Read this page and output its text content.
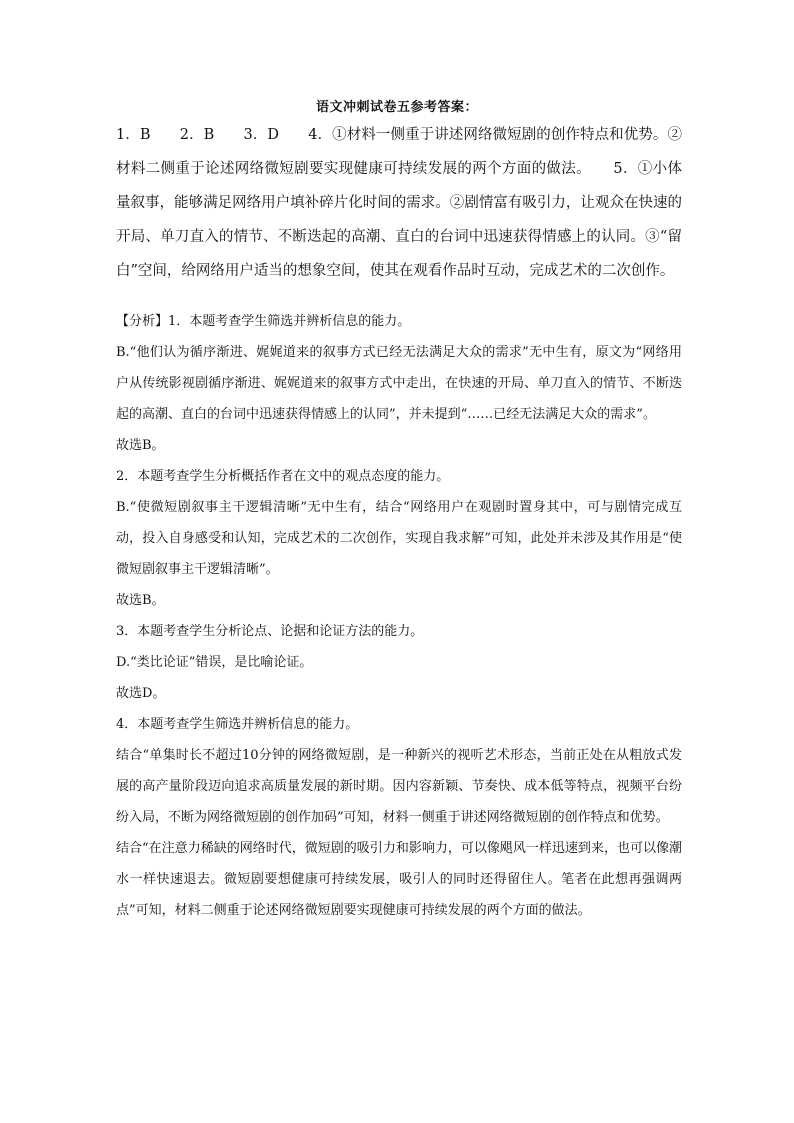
语文冲刺试卷五参考答案：

1．B　　2．B　　3．D　　4．①材料一侧重于讲述网络微短剧的创作特点和优势。②材料二侧重于论述网络微短剧要实现健康可持续发展的两个方面的做法。　　5．①小体量叙事，能够满足网络用户填补碎片化时间的需求。②剧情富有吸引力，让观众在快速的开局、单刀直入的情节、不断迭起的高潮、直白的台词中迅速获得情感上的认同。③“留白”空间，给网络用户适当的想象空间，使其在观看作品时互动，完成艺术的二次创作。

【分析】1．本题考查学生筛选并辨析信息的能力。

B.“他们认为循序渐进、娓娓道来的叙事方式已经无法满足大众的需求”无中生有，原文为“网络用户从传统影视剧循序渐进、娓娓道来的叙事方式中走出，在快速的开局、单刀直入的情节、不断迭起的高潮、直白的台词中迅速获得情感上的认同”，并未提到“……已经无法满足大众的需求”。

故选B。

2．本题考查学生分析概括作者在文中的观点态度的能力。

B.“使微短剧叙事主干逻辑清晰”无中生有，结合“网络用户在观剧时置身其中，可与剧情完成互动，投入自身感受和认知，完成艺术的二次创作，实现自我求解”可知，此处并未涉及其作用是“使微短剧叙事主干逻辑清晰”。

故选B。

3．本题考查学生分析论点、论据和论证方法的能力。

D.“类比论证”错误，是比喻论证。

故选D。

4．本题考查学生筛选并辨析信息的能力。

结合“单集时长不超过10分钟的网络微短剧，是一种新兴的视听艺术形态，当前正处在从粗放式发展的高产量阶段迈向追求高质量发展的新时期。因内容新颖、节奏快、成本低等特点，视频平台纷纷入局，不断为网络微短剧的创作加码”可知，材料一侧重于讲述网络微短剧的创作特点和优势。

结合“在注意力稀缺的网络时代，微短剧的吸引力和影响力，可以像飓风一样迅速到来，也可以像潮水一样快速退去。微短剧要想健康可持续发展，吸引人的同时还得留住人。笔者在此想再强调两点”可知，材料二侧重于论述网络微短剧要实现健康可持续发展的两个方面的做法。
